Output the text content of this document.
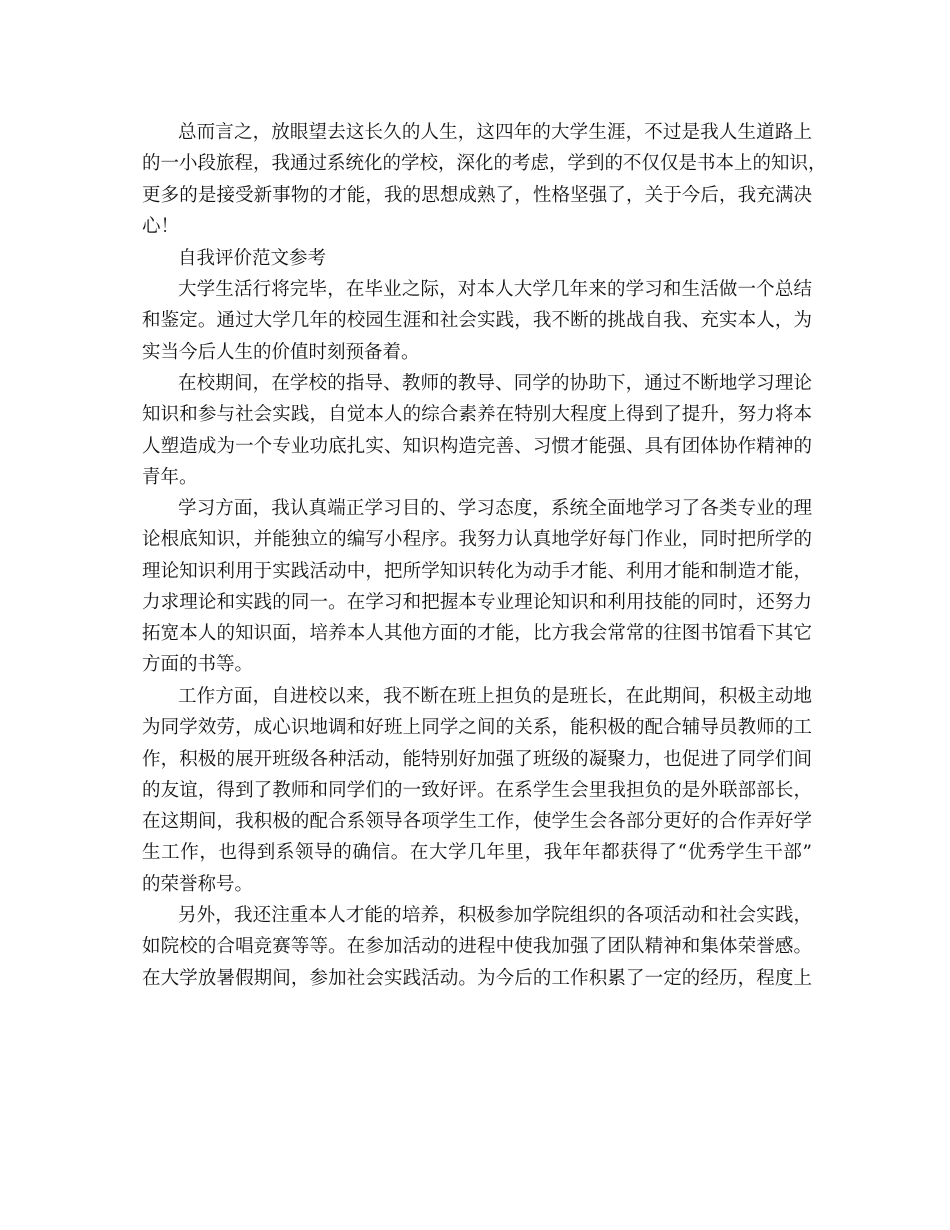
总而言之，放眼望去这长久的人生，这四年的大学生涯，不过是我人生道路上
的一小段旅程，我通过系统化的学校，深化的考虑，学到的不仅仅是书本上的知识，
更多的是接受新事物的才能，我的思想成熟了，性格坚强了，关于今后，我充满决
心！
自我评价范文参考
大学生活行将完毕，在毕业之际，对本人大学几年来的学习和生活做一个总结
和鉴定。通过大学几年的校园生涯和社会实践，我不断的挑战自我、充实本人，为
实当今后人生的价值时刻预备着。
在校期间，在学校的指导、教师的教导、同学的协助下，通过不断地学习理论
知识和参与社会实践，自觉本人的综合素养在特别大程度上得到了提升，努力将本
人塑造成为一个专业功底扎实、知识构造完善、习惯才能强、具有团体协作精神的
青年。
学习方面，我认真端正学习目的、学习态度，系统全面地学习了各类专业的理
论根底知识，并能独立的编写小程序。我努力认真地学好每门作业，同时把所学的
理论知识利用于实践活动中，把所学知识转化为动手才能、利用才能和制造才能，
力求理论和实践的同一。在学习和把握本专业理论知识和利用技能的同时，还努力
拓宽本人的知识面，培养本人其他方面的才能，比方我会常常的往图书馆看下其它
方面的书等。
工作方面，自进校以来，我不断在班上担负的是班长，在此期间，积极主动地
为同学效劳，成心识地调和好班上同学之间的关系，能积极的配合辅导员教师的工
作，积极的展开班级各种活动，能特别好加强了班级的凝聚力，也促进了同学们间
的友谊，得到了教师和同学们的一致好评。在系学生会里我担负的是外联部部长，
在这期间，我积极的配合系领导各项学生工作，使学生会各部分更好的合作弄好学
生工作，也得到系领导的确信。在大学几年里，我年年都获得了“优秀学生干部”
的荣誉称号。
另外，我还注重本人才能的培养，积极参加学院组织的各项活动和社会实践，
如院校的合唱竞赛等等。在参加活动的进程中使我加强了团队精神和集体荣誉感。
在大学放暑假期间，参加社会实践活动。为今后的工作积累了一定的经历，程度上
